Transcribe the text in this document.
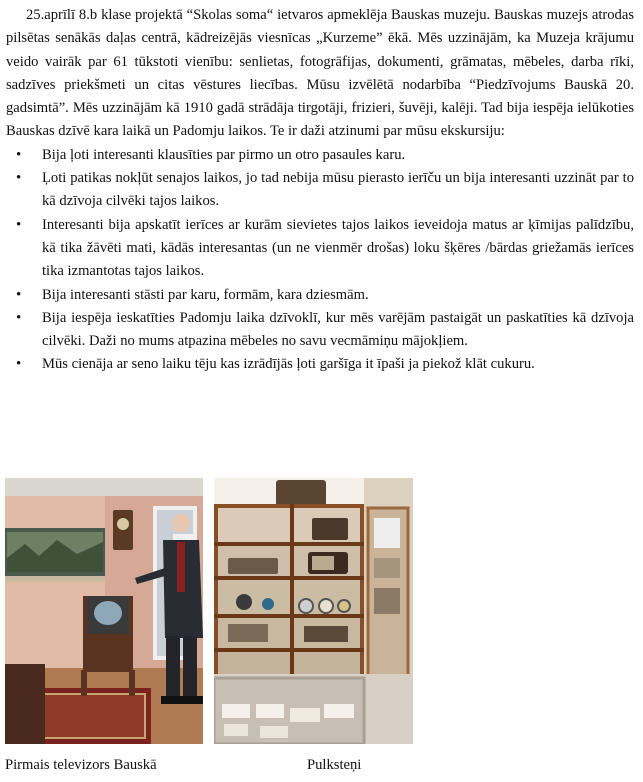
25.aprīlī 8.b klase projektā “Skolas soma“ ietvaros apmeklēja Bauskas muzeju. Bauskas muzejs atrodas pilsētas senākās daļas centrā, kādreizējās viesnīcas „Kurzeme” ēkā. Mēs uzzinājām, ka Muzeja krājumu veido vairāk par 61 tūkstoti vienību: senlietas, fotogrāfijas, dokumenti, grāmatas, mēbeles, darba rīki, sadzīves priekšmeti un citas vēstures liecības. Mūsu izvēlētā nodarbība “Piedzīvojums Bauskā 20. gadsimtā”. Mēs uzzinājām kā 1910 gadā strādāja tirgotāji, frizieri, šuvēji, kalēji. Tad bija iespēja ielūkoties Bauskas dzīvē kara laikā un Padomju laikos. Te ir daži atzinumi par mūsu ekskursiju:

• Bija ļoti interesanti klausīties par pirmo un otro pasaules karu.
• Ļoti patikas nokļūt senajos laikos, jo tad nebija mūsu pierasto ierīču un bija interesanti uzzināt par to kā dzīvoja cilvēki tajos laikos.
• Interesanti bija apskatīt ierīces ar kurām sievietes tajos laikos ieveidoja matus ar ķīmijas palīdzību, kā tika žāvēti mati, kādās interesantas (un ne vienmēr drošas) loku šķēres /bārdas griežamās ierīces tika izmantotas tajos laikos.
• Bija interesanti stāsti par karu, formām, kara dziesmām.
• Bija iespēja ieskatīties Padomju laika dzīvoklī, kur mēs varējām pastaigāt un paskatīties kā dzīvoja cilvēki. Daži no mums atpazina mēbeles no savu vecmāmiņu mājokļiem.
• Mūs cienāja ar seno laiku tēju kas izrādījās ļoti garšīga it īpaši ja piekož klāt cukuru.
Pirmais televizors Bauskā	Pulksteņi
